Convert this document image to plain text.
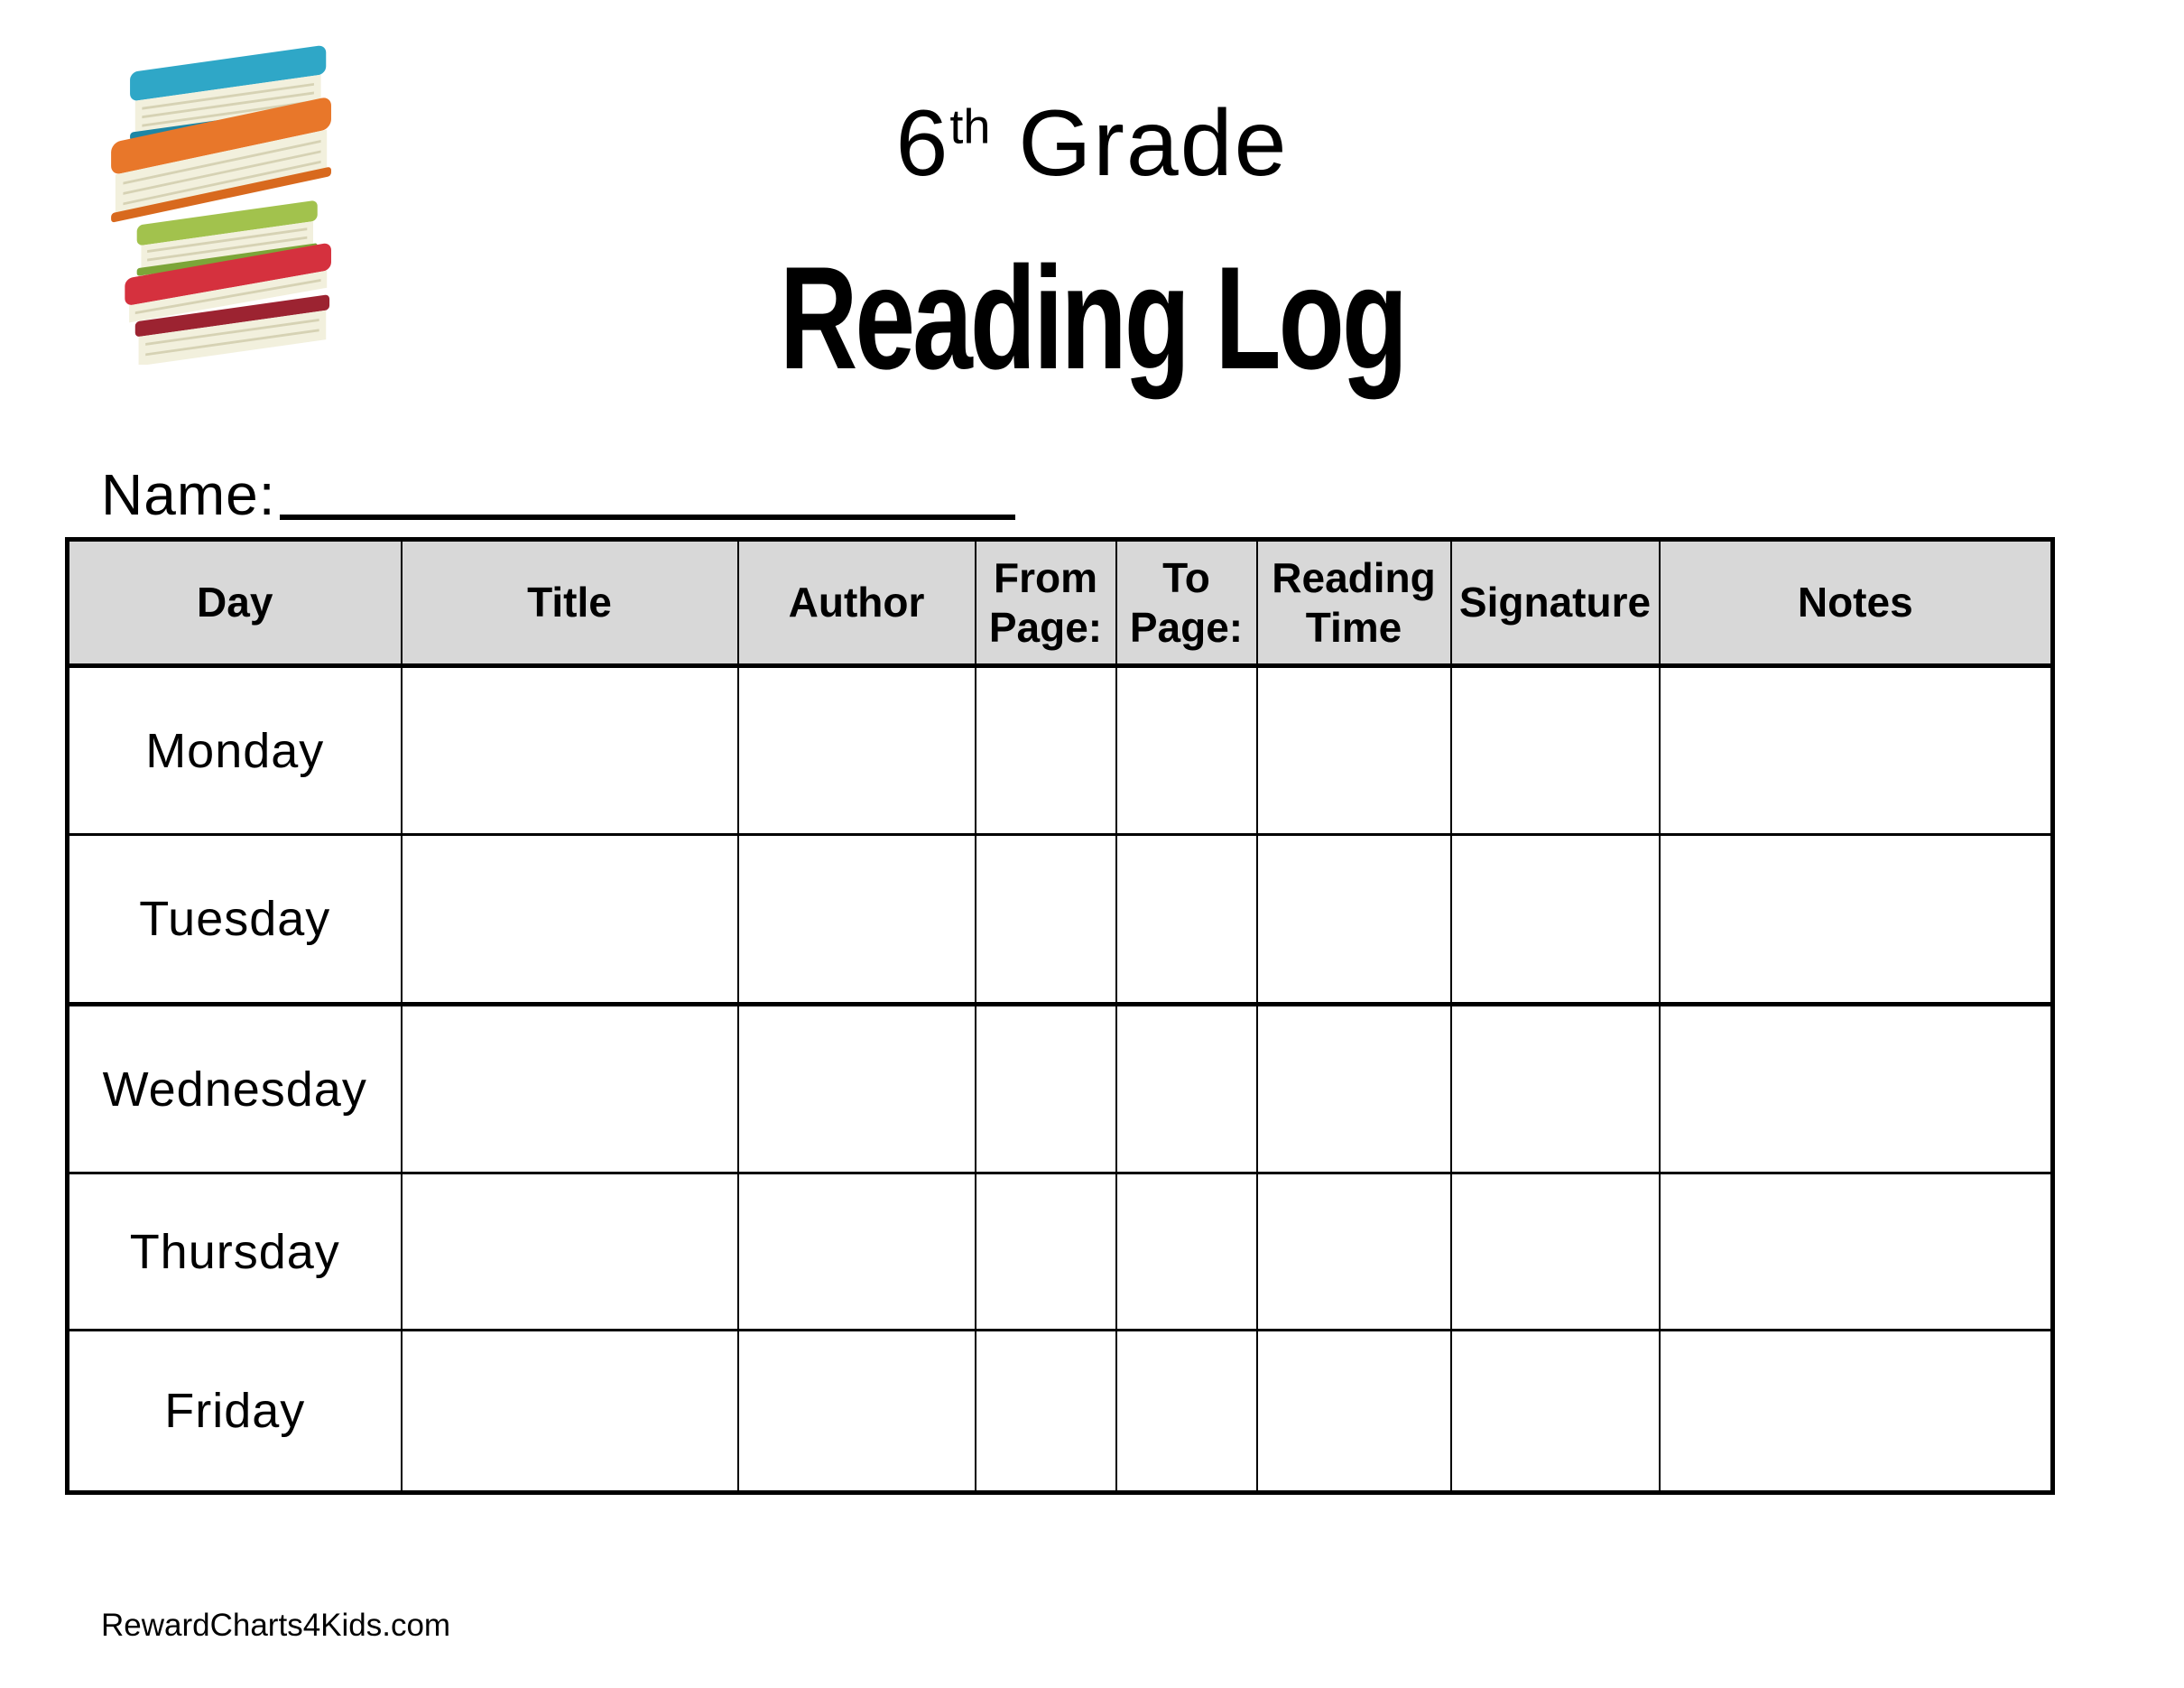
6th Grade
Reading Log
Name:
Day	Title	Author	From Page:	To Page:	Reading Time	Signature	Notes
Monday							
Tuesday							
Wednesday							
Thursday							
Friday							
RewardCharts4Kids.com
